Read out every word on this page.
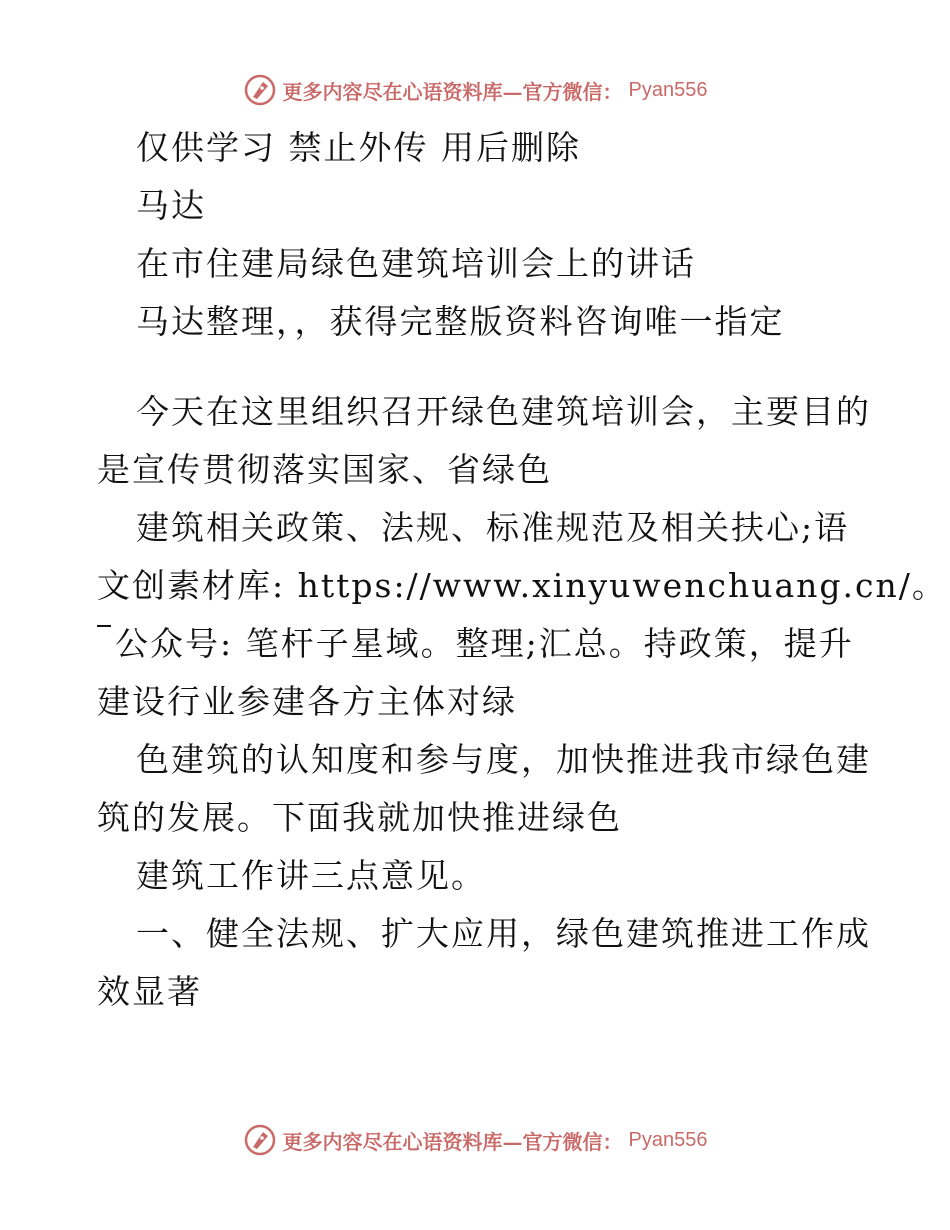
更多内容尽在心语资料库—官方微信： Pyan556
仅供学习 禁止外传 用后删除
马达
在市住建局绿色建筑培训会上的讲话
马达整理，，获得完整版资料咨询唯一指定
今天在这里组织召开绿色建筑培训会，主要目的
是宣传贯彻落实国家、省绿色
建筑相关政策、法规、标准规范及相关扶心;语
文创素材库: https://www.xinyuwenchuang.cn/。
公众号: 笔杆子星域。整理;汇总。持政策，提升
建设行业参建各方主体对绿
色建筑的认知度和参与度，加快推进我市绿色建
筑的发展。下面我就加快推进绿色
建筑工作讲三点意见。
一、健全法规、扩大应用，绿色建筑推进工作成
效显著
更多内容尽在心语资料库—官方微信： Pyan556
